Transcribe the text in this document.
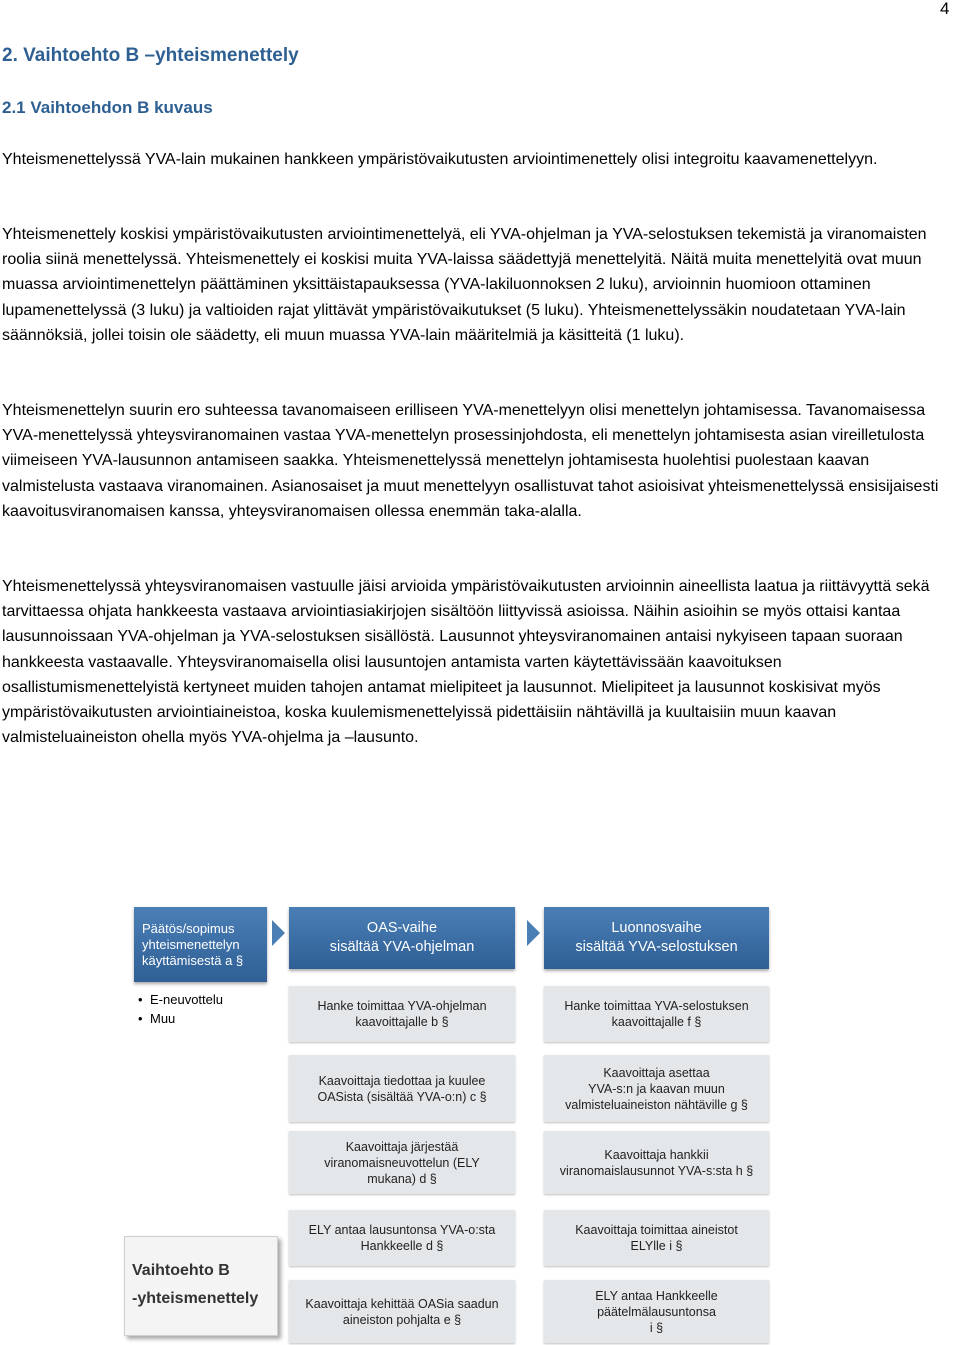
4
2. Vaihtoehto B –yhteismenettely
2.1 Vaihtoehdon B kuvaus
Yhteismenettelyssä YVA-lain mukainen hankkeen ympäristövaikutusten arviointimenettely olisi integroitu kaavamenettelyyn.
Yhteismenettely koskisi ympäristövaikutusten arviointimenettelyä, eli YVA-ohjelman ja YVA-selostuksen tekemistä ja viranomaisten roolia siinä menettelyssä. Yhteismenettely ei koskisi muita YVA-laissa säädettyjä menettelyitä. Näitä muita menettelyitä ovat muun muassa arviointimenettelyn päättäminen yksittäistapauksessa (YVA-lakiluonnoksen 2 luku), arvioinnin huomioon ottaminen lupamenettelyssä (3 luku) ja valtioiden rajat ylittävät ympäristövaikutukset (5 luku). Yhteismenettelyssäkin noudatetaan YVA-lain säännöksiä, jollei toisin ole säädetty, eli muun muassa YVA-lain määritelmiä ja käsitteitä (1 luku).
Yhteismenettelyn suurin ero suhteessa tavanomaiseen erilliseen YVA-menettelyyn olisi menettelyn johtamisessa. Tavanomaisessa YVA-menettelyssä yhteysviranomainen vastaa YVA-menettelyn prosessinjohdosta, eli menettelyn johtamisesta asian vireilletulosta viimeiseen YVA-lausunnon antamiseen saakka. Yhteismenettelyssä menettelyn johtamisesta huolehtisi puolestaan kaavan valmistelusta vastaava viranomainen. Asianosaiset ja muut menettelyyn osallistuvat tahot asioisivat yhteismenettelyssä ensisijaisesti kaavoitusviranomaisen kanssa, yhteysviranomaisen ollessa enemmän taka-alalla.
Yhteismenettelyssä yhteysviranomaisen vastuulle jäisi arvioida ympäristövaikutusten arvioinnin aineellista laatua ja riittävyyttä sekä tarvittaessa ohjata hankkeesta vastaava arviointiasiakirjojen sisältöön liittyvissä asioissa. Näihin asioihin se myös ottaisi kantaa lausunnoissaan YVA-ohjelman ja YVA-selostuksen sisällöstä. Lausunnot yhteysviranomainen antaisi nykyiseen tapaan suoraan hankkeesta vastaavalle. Yhteysviranomaisella olisi lausuntojen antamista varten käytettävissään kaavoituksen osallistumismenettelyistä kertyneet muiden tahojen antamat mielipiteet ja lausunnot. Mielipiteet ja lausunnot koskisivat myös ympäristövaikutusten arviointiaineistoa, koska kuulemismenettelyissä pidettäisiin nähtävillä ja kuultaisiin muun kaavan valmisteluaineiston ohella myös YVA-ohjelma ja –lausunto.
Päätös/sopimus
yhteismenettelyn
käyttämisestä a §
• E-neuvottelu
• Muu
Vaihtoehto B
-yhteismenettely
OAS-vaihe
sisältää YVA-ohjelman
Luonnosvaihe
sisältää YVA-selostuksen
Hanke toimittaa YVA-ohjelman
kaavoittajalle b §
Kaavoittaja tiedottaa ja kuulee
OASista (sisältää YVA-o:n) c §
Kaavoittaja järjestää
viranomaisneuvottelun (ELY
mukana) d §
ELY antaa lausuntonsa YVA-o:sta
Hankkeelle d §
Kaavoittaja kehittää OASia saadun
aineiston pohjalta e §
Hanke toimittaa YVA-selostuksen
kaavoittajalle f §
Kaavoittaja asettaa
YVA-s:n ja kaavan muun
valmisteluaineiston nähtäville g §
Kaavoittaja hankkii
viranomaislausunnot YVA-s:sta h §
Kaavoittaja toimittaa aineistot
ELYlle i §
ELY antaa Hankkeelle
päätelmälausuntonsa
i §
